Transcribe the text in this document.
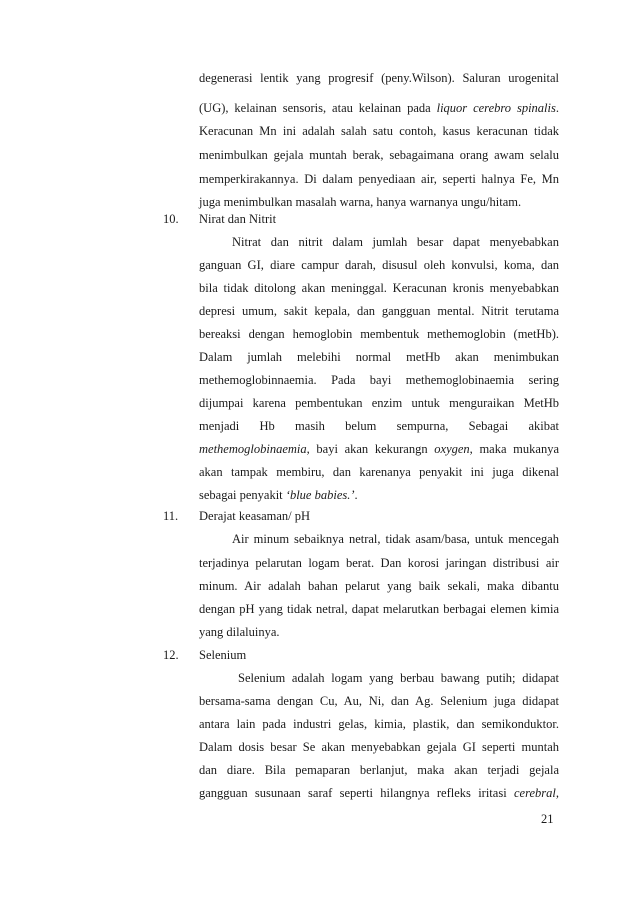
degenerasi lentik yang progresif (peny.Wilson). Saluran urogenital
(UG), kelainan sensoris, atau kelainan pada liquor cerebro spinalis.
Keracunan Mn ini adalah salah satu contoh, kasus keracunan tidak
menimbulkan gejala muntah berak, sebagaimana orang awam selalu
memperkirakannya. Di dalam penyediaan air, seperti halnya Fe, Mn
juga menimbulkan masalah warna, hanya warnanya ungu/hitam.
10. Nirat dan Nitrit
Nitrat dan nitrit dalam jumlah besar dapat menyebabkan
ganguan GI, diare campur darah, disusul oleh konvulsi, koma, dan
bila tidak ditolong akan meninggal. Keracunan kronis menyebabkan
depresi umum, sakit kepala, dan gangguan mental. Nitrit terutama
bereaksi dengan hemoglobin membentuk methemoglobin (metHb).
Dalam jumlah melebihi normal metHb akan menimbukan
methemoglobinnaemia. Pada bayi methemoglobinaemia sering
dijumpai karena pembentukan enzim untuk menguraikan MetHb
menjadi Hb masih belum sempurna, Sebagai akibat
methemoglobinaemia, bayi akan kekurangn oxygen, maka mukanya
akan tampak membiru, dan karenanya penyakit ini juga dikenal
sebagai penyakit ‘blue babies.’.
11. Derajat keasaman/ pH
Air minum sebaiknya netral, tidak asam/basa, untuk mencegah
terjadinya pelarutan logam berat. Dan korosi jaringan distribusi air
minum. Air adalah bahan pelarut yang baik sekali, maka dibantu
dengan pH yang tidak netral, dapat melarutkan berbagai elemen kimia
yang dilaluinya.
12. Selenium
Selenium adalah logam yang berbau bawang putih; didapat
bersama-sama dengan Cu, Au, Ni, dan Ag. Selenium juga didapat
antara lain pada industri gelas, kimia, plastik, dan semikonduktor.
Dalam dosis besar Se akan menyebabkan gejala GI seperti muntah
dan diare. Bila pemaparan berlanjut, maka akan terjadi gejala
gangguan susunaan saraf seperti hilangnya refleks iritasi cerebral,
21
